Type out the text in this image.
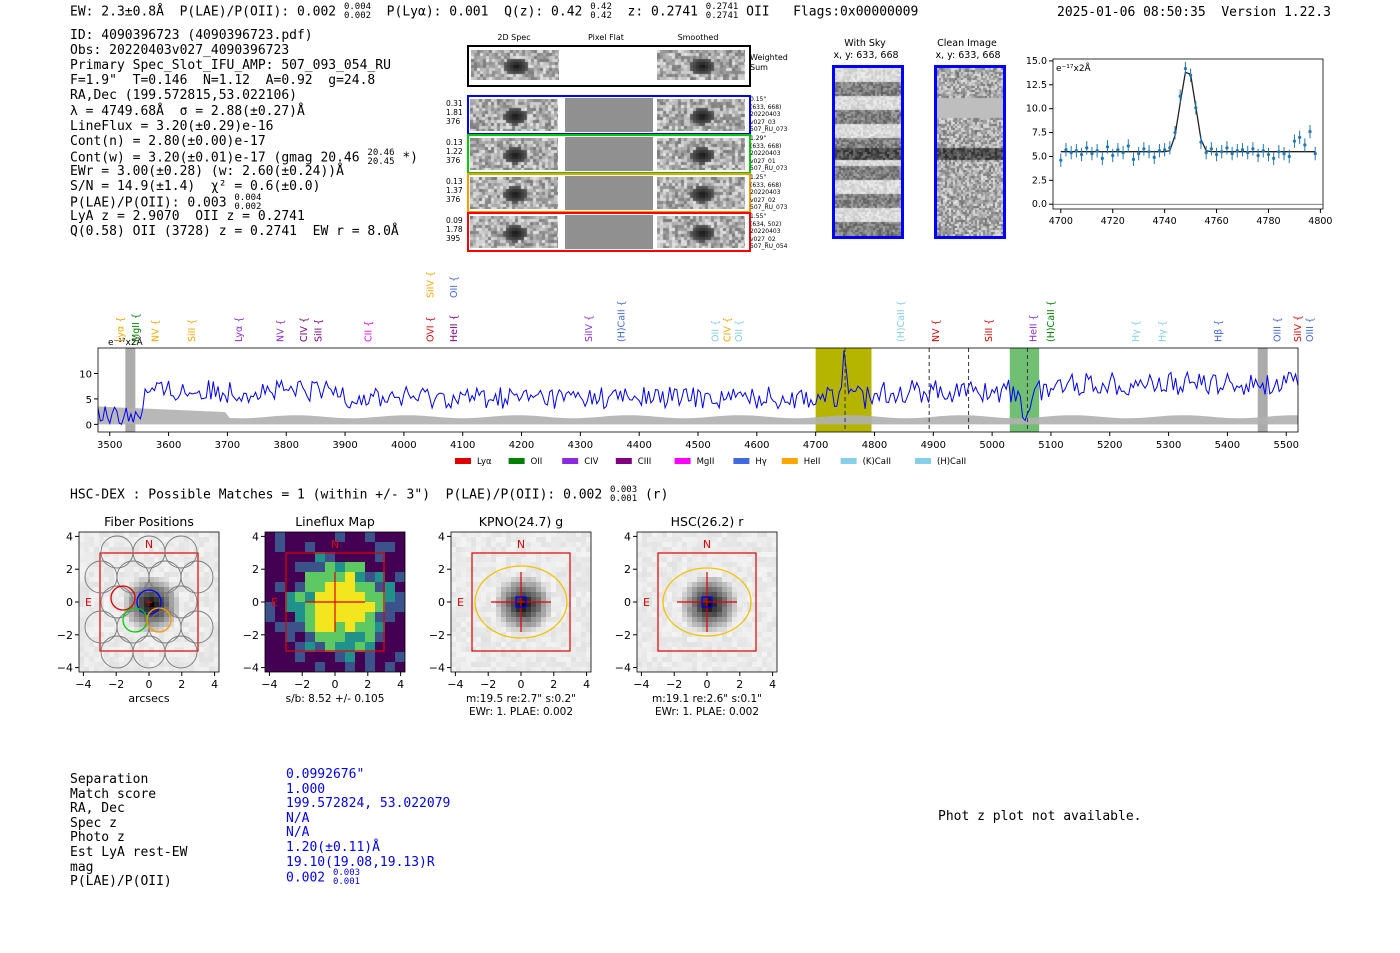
EW: 2.3±0.8Å  P(LAE)/P(OII): 0.002 0.004
0.002 P(Lyα): 0.001  Q(z): 0.42 0.42
0.42 z: 0.2741 0.2741
0.2741 OII   Flags:0x00000009	2025-01-06 08:50:35  Version 1.22.3
ID: 4090396723 (4090396723.pdf)
Obs: 20220403v027_4090396723
Primary Spec_Slot_IFU_AMP: 507_093_054_RU
F=1.9"  T=0.146  N=1.12  A=0.92  g=24.8
RA,Dec (199.572815,53.022106)
λ = 4749.68Å  σ = 2.88(±0.27)Å
LineFlux = 3.20(±0.29)e-16
Cont(n) = 2.80(±0.00)e-17
Cont(w) = 3.20(±0.01)e-17 (gmag 20.46 20.46
20.45 *)
EWr = 3.00(±0.28) (w: 2.60(±0.24))Å
S/N = 14.9(±1.4)  χ² = 0.6(±0.0)
P(LAE)/P(OII): 0.003 0.004
0.002
LyA z = 2.9070  OII z = 0.2741
Q(0.58) OII (3728) z = 0.2741  EW r = 8.0Å
2D Spec	Pixel Flat	Smoothed
Weighted Sum
0.31
1.81
376
0.15"
(633, 668)
20220403
v027_03
507_RU_073
0.13
1.22
376
1.29"
(633, 668)
20220403
v027_01
507_RU_073
0.13
1.37
376
1.25"
(633, 668)
20220403
v027_02
507_RU_073
0.09
1.78
395
1.55"
(634, 502)
20220403
v027_02
507_RU_054
With Sky
x, y: 633, 668
Clean Image
x, y: 633, 668
4700	4720	4740	4760	4780	4800
0.0
2.5
5.0
7.5
10.0
12.5
15.0
e⁻¹⁷x2Å
3500	3600	3700	3800	3900	4000	4100	4200	4300	4400	4500	4600	4700	4800	4900	5000	5100	5200	5300	5400	5500
0
5
10
e⁻¹⁷x2Å
Lyα { MgII { NV {	SiII {	Lyα {	NV { CIV { SiII {	CII {	OVI {
SiIV {
HeII {
OII {
SiIV { (H)CaII {	OII { CIV { OII {	(H)CaII {	NV {	SiII {	HeII { (H)CaII {	Hγ { Hγ {	Hβ {	OIII { SiIV { OIII {
Lyα	OII	CIV	CIII	MgII	Hγ	HeII	(K)CaII	(H)CaII
HSC-DEX : Possible Matches = 1 (within +/- 3")  P(LAE)/P(OII): 0.002 0.003
0.001 (r)
Fiber Positions
N
E	+
−4
−4
−2
−2
0
0
2
2
4
4
arcsecs
Lineflux Map
N
E
−4
−4
−2
−2
0
0
2
2
4
4
s/b: 8.52 +/- 0.105
KPNO(24.7) g
N
E
−4
−4
−2
−2
0
0
2
2
4
4
m:19.5 re:2.7" s:0.2"
EWr: 1. PLAE: 0.002
HSC(26.2) r
N
E
−4
−4
−2
−2
0
0
2
2
4
4
m:19.1 re:2.6" s:0.1"
EWr: 1. PLAE: 0.002
Separation	0.0992676"
Match score	1.000
RA, Dec	199.572824, 53.022079
Spec z	N/A
Photo z	N/A
Est LyA rest-EW	1.20(±0.11)Å
mag	19.10(19.08,19.13)R
P(LAE)/P(OII)	0.002 0.003
0.001
Phot z plot not available.
